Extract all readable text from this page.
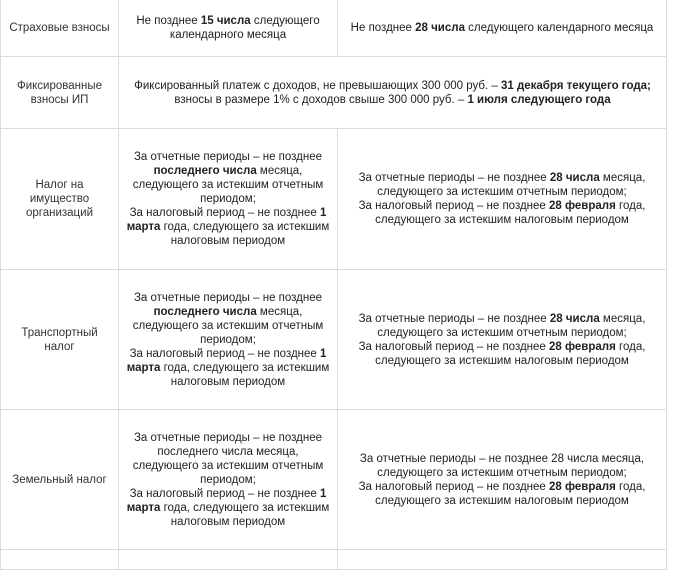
Страховые взносы	Не позднее 15 числа следующего календарного месяца	Не позднее 28 числа следующего календарного месяца

Фиксированные взносы ИП	Фиксированный платеж с доходов, не превышающих 300 000 руб. – 31 декабря текущего года;
взносы в размере 1% с доходов свыше 300 000 руб. – 1 июля следующего года	

Налог на имущество организаций	За отчетные периоды – не позднее последнего числа месяца, следующего за истекшим отчетным периодом;
За налоговый период – не позднее 1 марта года, следующего за истекшим налоговым периодом	За отчетные периоды – не позднее 28 числа месяца, следующего за истекшим отчетным периодом;
За налоговый период – не позднее 28 февраля года, следующего за истекшим налоговым периодом

Транспортный налог	За отчетные периоды – не позднее последнего числа месяца, следующего за истекшим отчетным периодом;
За налоговый период – не позднее 1 марта года, следующего за истекшим налоговым периодом	За отчетные периоды – не позднее 28 числа месяца, следующего за истекшим отчетным периодом;
За налоговый период – не позднее 28 февраля года, следующего за истекшим налоговым периодом

Земельный налог	За отчетные периоды – не позднее последнего числа месяца, следующего за истекшим отчетным периодом;
За налоговый период – не позднее 1 марта года, следующего за истекшим налоговым периодом	За отчетные периоды – не позднее 28 числа месяца, следующего за истекшим отчетным периодом;
За налоговый период – не позднее 28 февраля года, следующего за истекшим налоговым периодом
